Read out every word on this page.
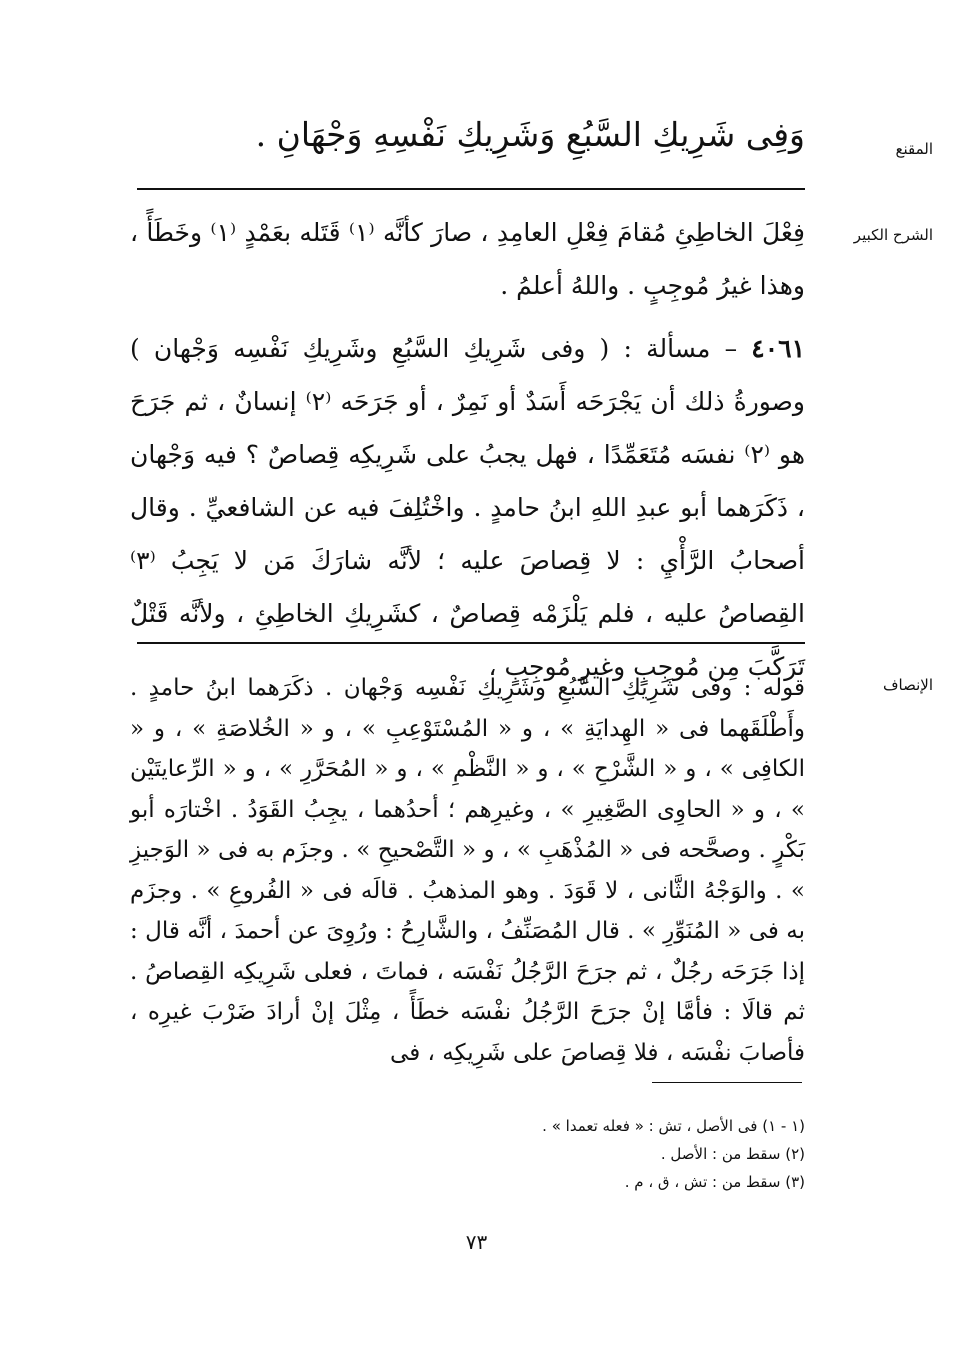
المقنع
وَفِى شَرِيكِ السَّبُعِ وَشَرِيكِ نَفْسِهِ وَجْهَانِ .
الشرح الكبير

فِعْلَ الخاطِئِ مُقامَ فِعْلِ العامِدِ ، صارَ كأنَّه ⁽١⁾ قَتَله بعَمْدٍ ⁽١⁾ وخَطَأً ، وهذا غيرُ مُوجِبٍ . واللهُ أعلمُ .

٤٠٦١ – مسألة : ( وفى شَرِيكِ السَّبُعِ وشَرِيكِ نَفْسِه وَجْهان ) وصورةُ ذلك أن يَجْرَحَه أَسَدٌ أو نَمِرٌ ، أو جَرَحَه ⁽٢⁾ إنسانٌ ، ثم جَرَحَ هو ⁽٢⁾ نفسَه مُتَعَمِّدًا ، فهل يجبُ على شَرِيكِه قِصاصٌ ؟ فيه وَجْهان ، ذَكَرَهما أبو عبدِ اللهِ ابنُ حامدٍ . واخْتُلِفَ فيه عن الشافعيِّ . وقال أصحابُ الرَّأْيِ : لا قِصاصَ عليه ؛ لأنَّه شارَكَ مَن لا يَجِبُ ⁽٣⁾ القِصاصُ عليه ، فلم يَلْزَمْه قِصاصٌ ، كشَرِيكِ الخاطِئِ ، ولأنَّه قَتْلٌ تَرَكَّبَ مِن مُوجِبٍ وغيرِ مُوجِبٍ ،

الإنصاف
قوله : وفى شَرِيكِ السَّبُعِ وشَرِيكِ نَفْسِه وَجْهان . ذكَرَهما ابنُ حامدٍ . وأَطْلَقَهما فى « الهِدايَةِ » ، و « المُسْتَوْعِبِ » ، و « الخُلاصَةِ » ، و « الكافِى » ، و « الشَّرْحِ » ، و « النَّظْمِ » ، و « المُحَرَّرِ » ، و « الرِّعايتَيْن » ، و « الحاوِى الصَّغِيرِ » ، وغيرِهم ؛ أحدُهما ، يجِبُ القَوَدُ . اخْتارَه أبو بَكْرٍ . وصحَّحه فى « المُذْهَبِ » ، و « التَّصْحيحِ » . وجزَم به فى « الوَجيزِ » . والوَجْهُ الثَّانى ، لا قَوَدَ . وهو المذهبُ . قالَه فى « الفُروعِ » . وجزَم به فى « المُنَوِّرِ » . قال المُصَنِّفُ ، والشَّارِحُ : ورُوِىَ عن أحمدَ ، أنَّه قال : إذا جَرَحَه رجُلٌ ، ثم جرَحَ الرَّجُلُ نَفْسَه ، فماتَ ، فعلى شَرِيكِه القِصاصُ . ثم قالَا : فأمَّا إنْ جرَحَ الرَّجُلُ نفْسَه خطَأً ، مِثْلَ إنْ أرادَ ضَرْبَ غيرِه ، فأصابَ نفْسَه ، فلا قِصاصَ على شَرِيكِه ، فى
(١ - ١) فى الأصل ، تش : « فعله تعمدا » .
(٢) سقط من : الأصل .
(٣) سقط من : تش ، ق ، م .
٧٣
